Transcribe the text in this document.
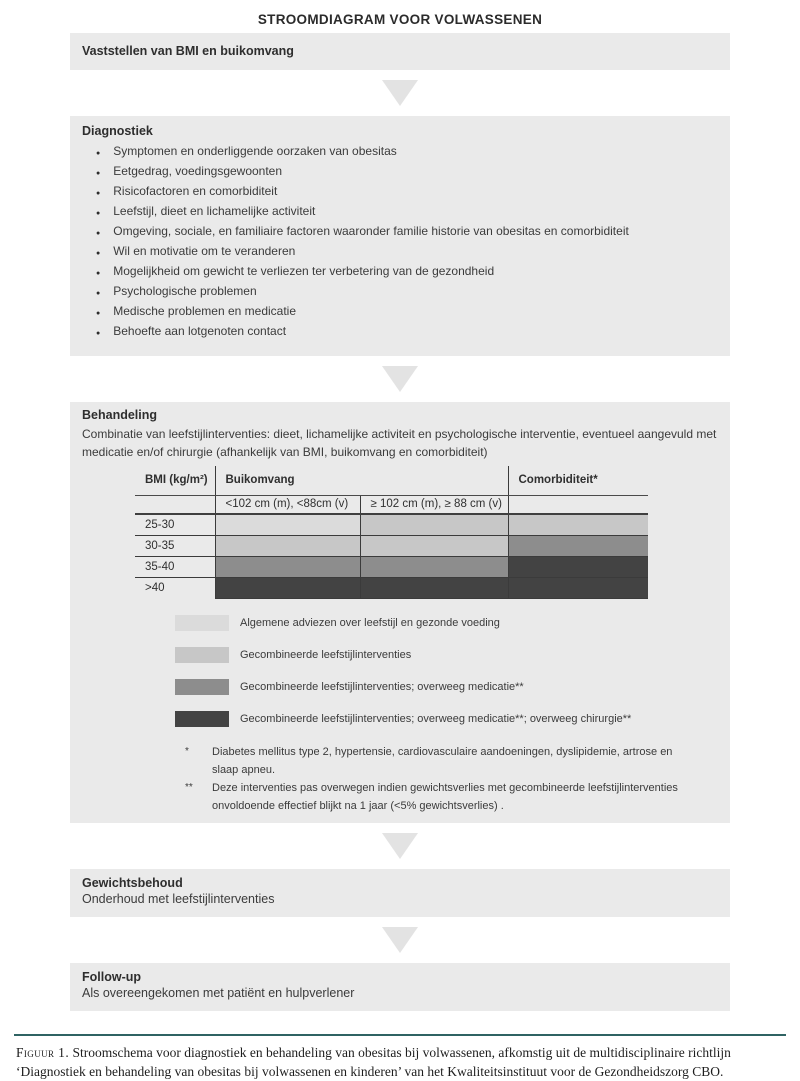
STROOMDIAGRAM VOOR VOLWASSENEN
Vaststellen van BMI en buikomvang
Diagnostiek
● Symptomen en onderliggende oorzaken van obesitas
● Eetgedrag, voedingsgewoonten
● Risicofactoren en comorbiditeit
● Leefstijl, dieet en lichamelijke activiteit
● Omgeving, sociale, en familiaire factoren waaronder familie historie van obesitas en comorbiditeit
● Wil en motivatie om te veranderen
● Mogelijkheid om gewicht te verliezen ter verbetering van de gezondheid
● Psychologische problemen
● Medische problemen en medicatie
● Behoefte aan lotgenoten contact
Behandeling
Combinatie van leefstijlinterventies: dieet, lichamelijke activiteit en psychologische interventie, eventueel aangevuld met medicatie en/of chirurgie (afhankelijk van BMI, buikomvang en comorbiditeit)
BMI (kg/m²)	Buikomvang		Comorbiditeit*
	<102 cm (m), <88cm (v)	≥ 102 cm (m), ≥ 88 cm (v)	
25-30			
30-35			
35-40			
>40			
Algemene adviezen over leefstijl en gezonde voeding
Gecombineerde leefstijlinterventies
Gecombineerde leefstijlinterventies; overweeg medicatie**
Gecombineerde leefstijlinterventies; overweeg medicatie**; overweeg chirurgie**
*	Diabetes mellitus type 2, hypertensie, cardiovasculaire aandoeningen, dyslipidemie, artrose en slaap apneu.
**	Deze interventies pas overwegen indien gewichtsverlies met gecombineerde leefstijlinterventies onvoldoende effectief blijkt na 1 jaar (<5% gewichtsverlies) .
Gewichtsbehoud
Onderhoud met leefstijlinterventies
Follow-up
Als overeengekomen met patiënt en hulpverlener

Figuur 1. Stroomschema voor diagnostiek en behandeling van obesitas bij volwassenen, afkomstig uit de multidisciplinaire richtlijn ‘Diagnostiek en behandeling van obesitas bij volwassenen en kinderen’ van het Kwaliteitsinstituut voor de Gezondheidszorg CBO.
